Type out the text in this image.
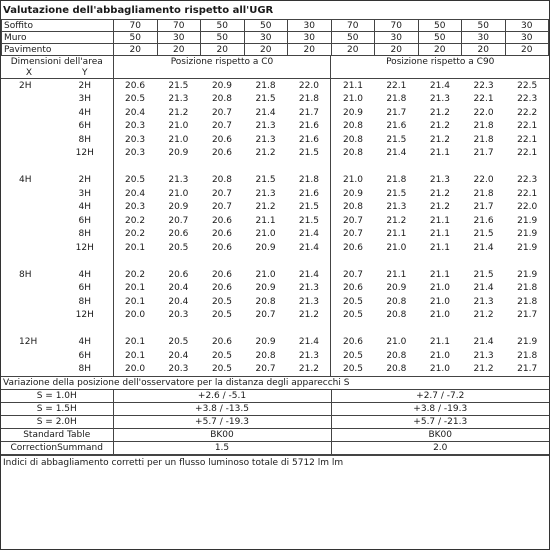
Valutazione dell'abbagliamento rispetto all'UGR
Soffito	70	70	50	50	30	70	70	50	50	30
Muro	50	30	50	30	30	50	30	50	30	30
Pavimento	20	20	20	20	20	20	20	20	20	20
Dimensioni dell'area		Posizione rispetto a C0					Posizione rispetto a C90				
X	Y										
2H	2H	20.6	21.5	20.9	21.8	22.0	21.1	22.1	21.4	22.3	22.5
	3H	20.5	21.3	20.8	21.5	21.8	21.0	21.8	21.3	22.1	22.3
	4H	20.4	21.2	20.7	21.4	21.7	20.9	21.7	21.2	22.0	22.2
	6H	20.3	21.0	20.7	21.3	21.6	20.8	21.6	21.2	21.8	22.1
	8H	20.3	21.0	20.6	21.3	21.6	20.8	21.5	21.2	21.8	22.1
	12H	20.3	20.9	20.6	21.2	21.5	20.8	21.4	21.1	21.7	22.1

4H	2H	20.5	21.3	20.8	21.5	21.8	21.0	21.8	21.3	22.0	22.3
	3H	20.4	21.0	20.7	21.3	21.6	20.9	21.5	21.2	21.8	22.1
	4H	20.3	20.9	20.7	21.2	21.5	20.8	21.3	21.2	21.7	22.0
	6H	20.2	20.7	20.6	21.1	21.5	20.7	21.2	21.1	21.6	21.9
	8H	20.2	20.6	20.6	21.0	21.4	20.7	21.1	21.1	21.5	21.9
	12H	20.1	20.5	20.6	20.9	21.4	20.6	21.0	21.1	21.4	21.9

8H	4H	20.2	20.6	20.6	21.0	21.4	20.7	21.1	21.1	21.5	21.9
	6H	20.1	20.4	20.6	20.9	21.3	20.6	20.9	21.0	21.4	21.8
	8H	20.1	20.4	20.5	20.8	21.3	20.5	20.8	21.0	21.3	21.8
	12H	20.0	20.3	20.5	20.7	21.2	20.5	20.8	21.0	21.2	21.7

12H	4H	20.1	20.5	20.6	20.9	21.4	20.6	21.0	21.1	21.4	21.9
	6H	20.1	20.4	20.5	20.8	21.3	20.5	20.8	21.0	21.3	21.8
	8H	20.0	20.3	20.5	20.7	21.2	20.5	20.8	21.0	21.2	21.7
Variazione della posizione dell'osservatore per la distanza degli apparecchi S		
S = 1.0H	+2.6 / -5.1	+2.7 / -7.2
S = 1.5H	+3.8 / -13.5	+3.8 / -19.3
S = 2.0H	+5.7 / -19.3	+5.7 / -21.3
Standard Table	BK00	BK00
CorrectionSummand	1.5	2.0
Indici di abbagliamento corretti per un flusso luminoso totale di 5712 lm lm
